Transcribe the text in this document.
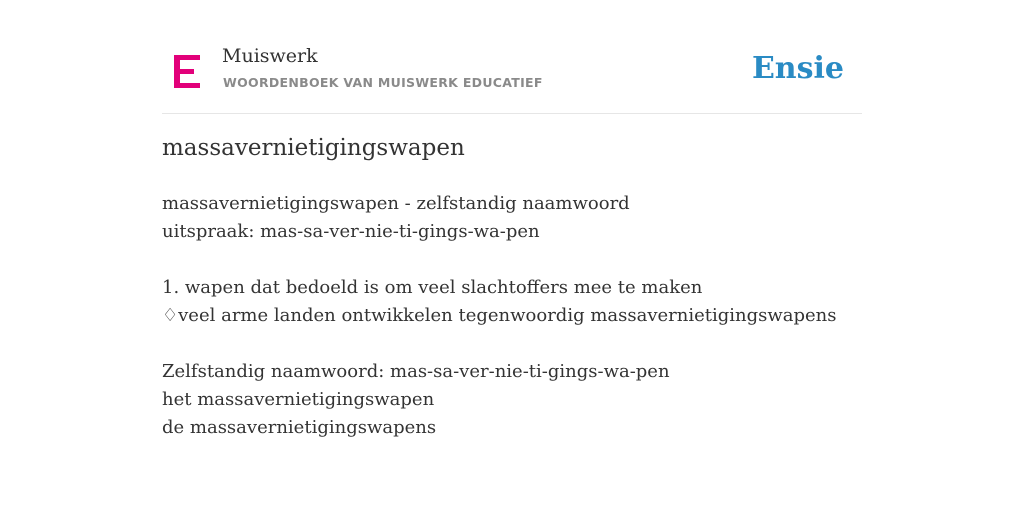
Muiswerk
WOORDENBOEK VAN MUISWERK EDUCATIEF	Ensie
massavernietigingswapen
massavernietigingswapen - zelfstandig naamwoord
uitspraak: mas-sa-ver-nie-ti-gings-wa-pen
1. wapen dat bedoeld is om veel slachtoffers mee te maken
♢veel arme landen ontwikkelen tegenwoordig massavernietigingswapens
Zelfstandig naamwoord: mas-sa-ver-nie-ti-gings-wa-pen
het massavernietigingswapen
de massavernietigingswapens
